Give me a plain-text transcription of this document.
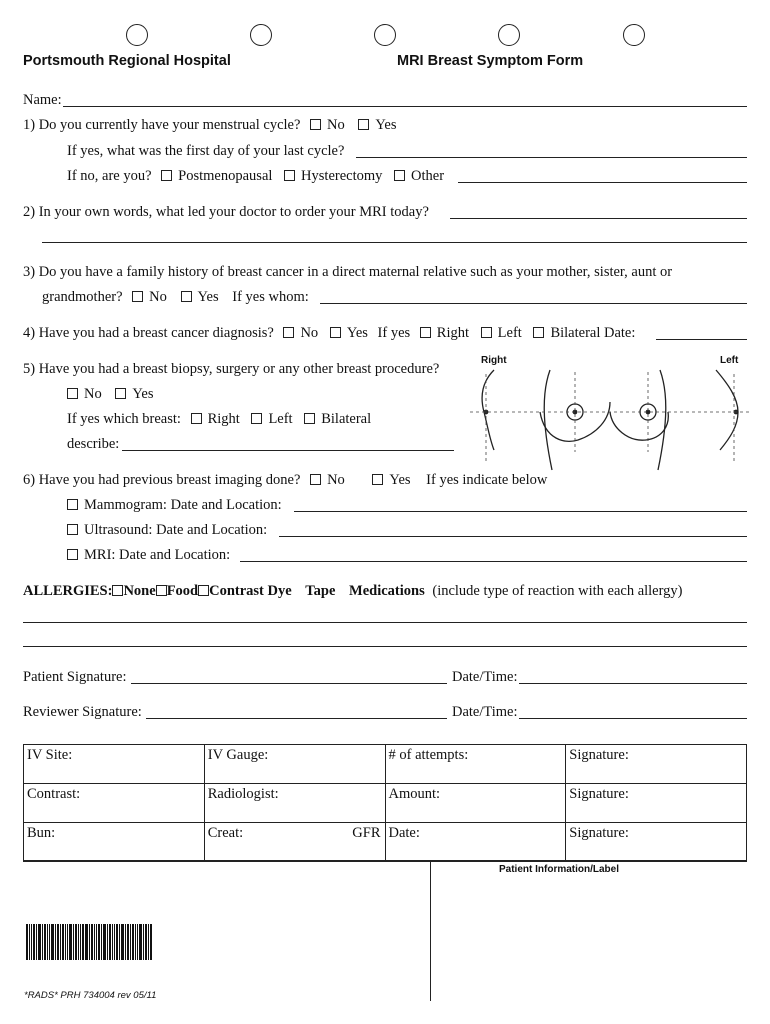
Portsmouth Regional Hospital	MRI Breast Symptom Form
Name:
1) Do you currently have your menstrual cycle? No Yes
If yes, what was the first day of your last cycle?
If no, are you? Postmenopausal Hysterectomy Other
2) In your own words, what led your doctor to order your MRI today?
3) Do you have a family history of breast cancer in a direct maternal relative such as your mother, sister, aunt or
grandmother? No Yes If yes whom:
4) Have you had a breast cancer diagnosis? No Yes If yes Right Left Bilateral Date:
5) Have you had a breast biopsy, surgery or any other breast procedure?
No Yes
If yes which breast: Right Left Bilateral
describe:
Right	Left
6) Have you had previous breast imaging done? No	Yes If yes indicate below
Mammogram: Date and Location:
Ultrasound: Date and Location:
MRI: Date and Location:
ALLERGIES: None Food Contrast Dye Tape Medications (include type of reaction with each allergy)
Patient Signature:	Date/Time:
Reviewer Signature:	Date/Time:
IV Site:	IV Gauge:	# of attempts:	Signature:
Contrast:	Radiologist:	Amount:	Signature:
Bun:	Creat: GFR	Date:	Signature:
Patient Information/Label
*RADS* PRH 734004 rev 05/11
